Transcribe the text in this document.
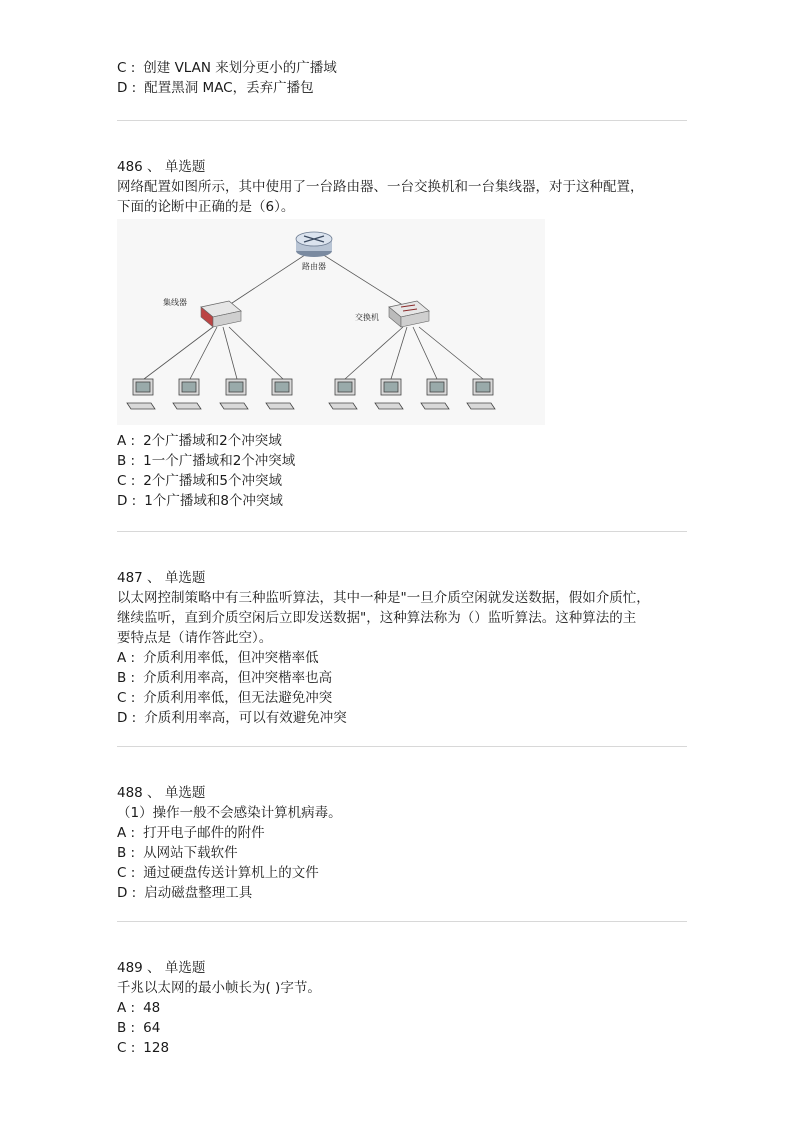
C : 创建 VLAN 来划分更小的广播域
D : 配置黑洞 MAC，丢弃广播包
486 、 单选题
网络配置如图所示，其中使用了一台路由器、一台交换机和一台集线器，对于这种配置，
下面的论断中正确的是（6）。
路由器
集线器
交换机
A : 2个广播域和2个冲突域
B : 1一个广播域和2个冲突域
C : 2个广播域和5个冲突域
D : 1个广播域和8个冲突域
487 、 单选题
以太网控制策略中有三种监听算法，其中一种是"一旦介质空闲就发送数据，假如介质忙，
继续监听，直到介质空闲后立即发送数据"，这种算法称为（）监听算法。这种算法的主
要特点是（请作答此空）。
A : 介质利用率低，但冲突楷率低
B : 介质利用率高，但冲突楷率也高
C : 介质利用率低，但无法避免冲突
D : 介质利用率高，可以有效避免冲突
488 、 单选题
（1）操作一般不会感染计算机病毒。
A : 打开电子邮件的附件
B : 从网站下载软件
C : 通过硬盘传送计算机上的文件
D : 启动磁盘整理工具
489 、 单选题
千兆以太网的最小帧长为( )字节。
A : 48
B : 64
C : 128
